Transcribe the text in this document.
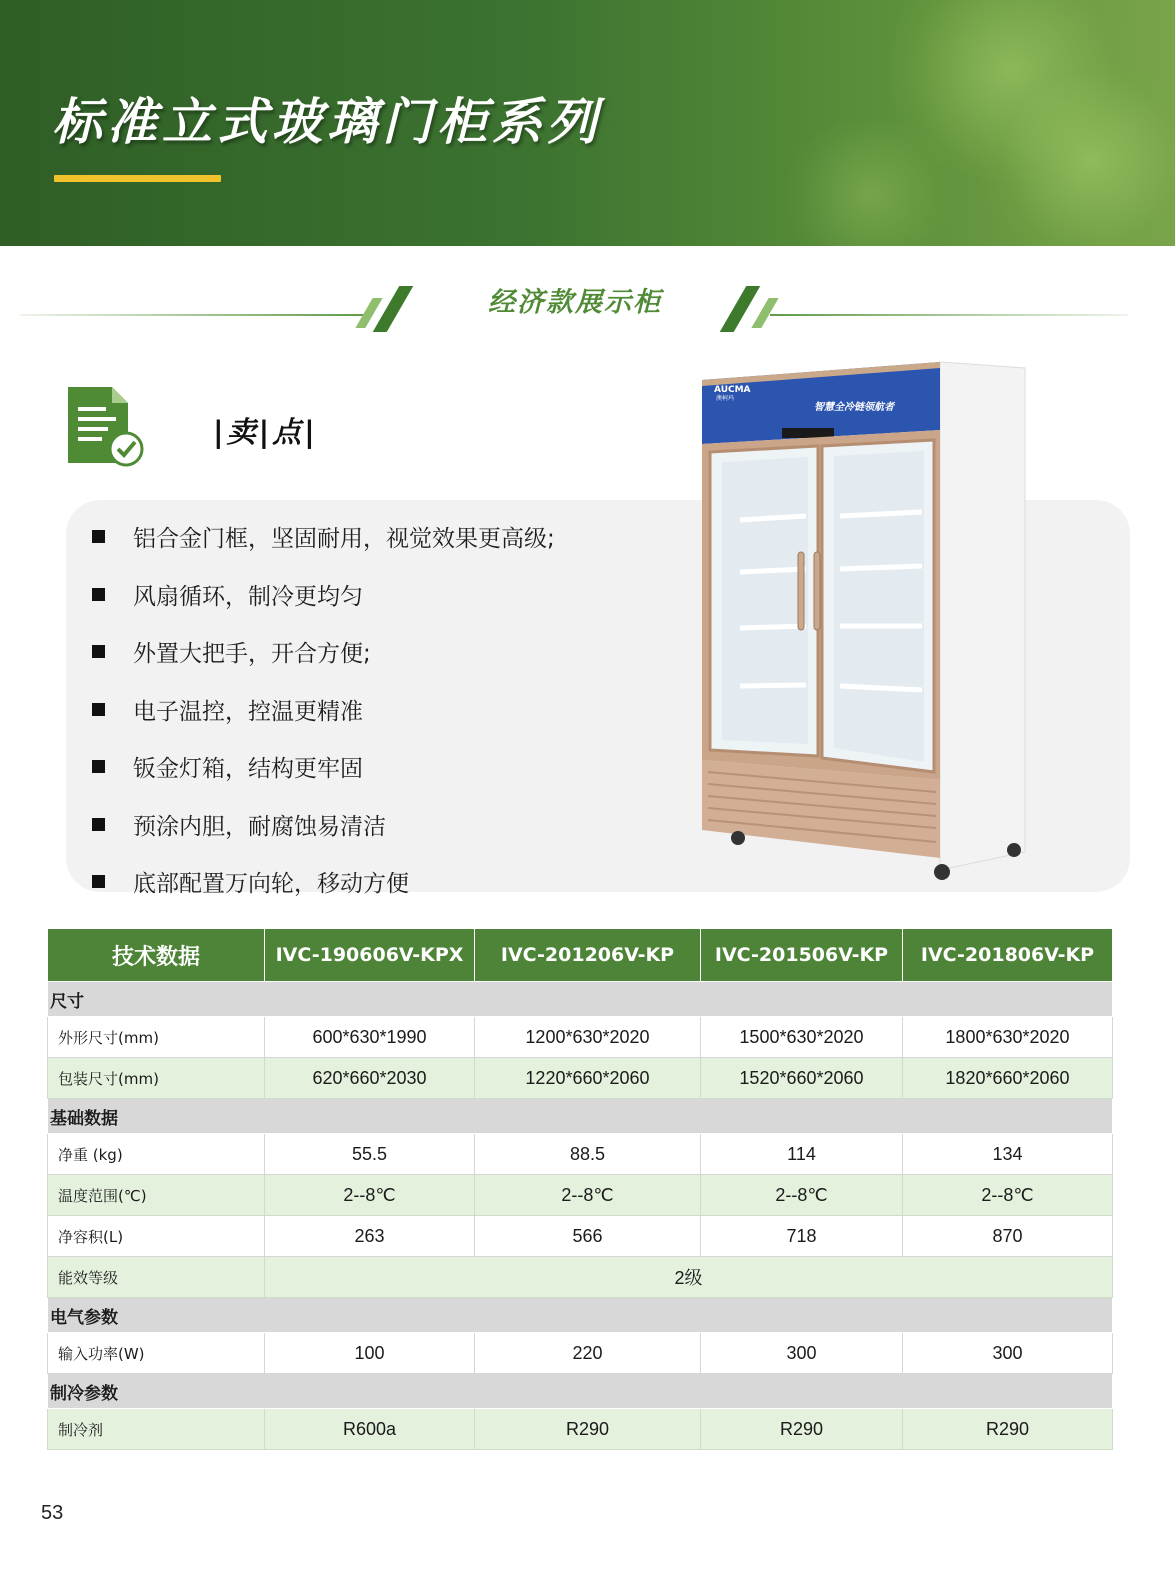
标准立式玻璃门柜系列
经济款展示柜
|卖|点|
铝合金门框，坚固耐用，视觉效果更高级;
风扇循环，制冷更均匀
外置大把手，开合方便;
电子温控，控温更精准
钣金灯箱，结构更牢固
预涂内胆，耐腐蚀易清洁
底部配置万向轮，移动方便
AUCMA
澳柯玛
智慧全冷链领航者
技术数据	IVC-190606V-KPX	IVC-201206V-KP	IVC-201506V-KP	IVC-201806V-KP
尺寸				
外形尺寸(mm)	600*630*1990	1200*630*2020	1500*630*2020	1800*630*2020
包装尺寸(mm)	620*660*2030	1220*660*2060	1520*660*2060	1820*660*2060
基础数据				
净重 (kg)	55.5	88.5	114	134
温度范围(℃)	2--8℃	2--8℃	2--8℃	2--8℃
净容积(L)	263	566	718	870
能效等级	2级			
电气参数				
输入功率(W)	100	220	300	300
制冷参数				
制冷剂	R600a	R290	R290	R290
53
